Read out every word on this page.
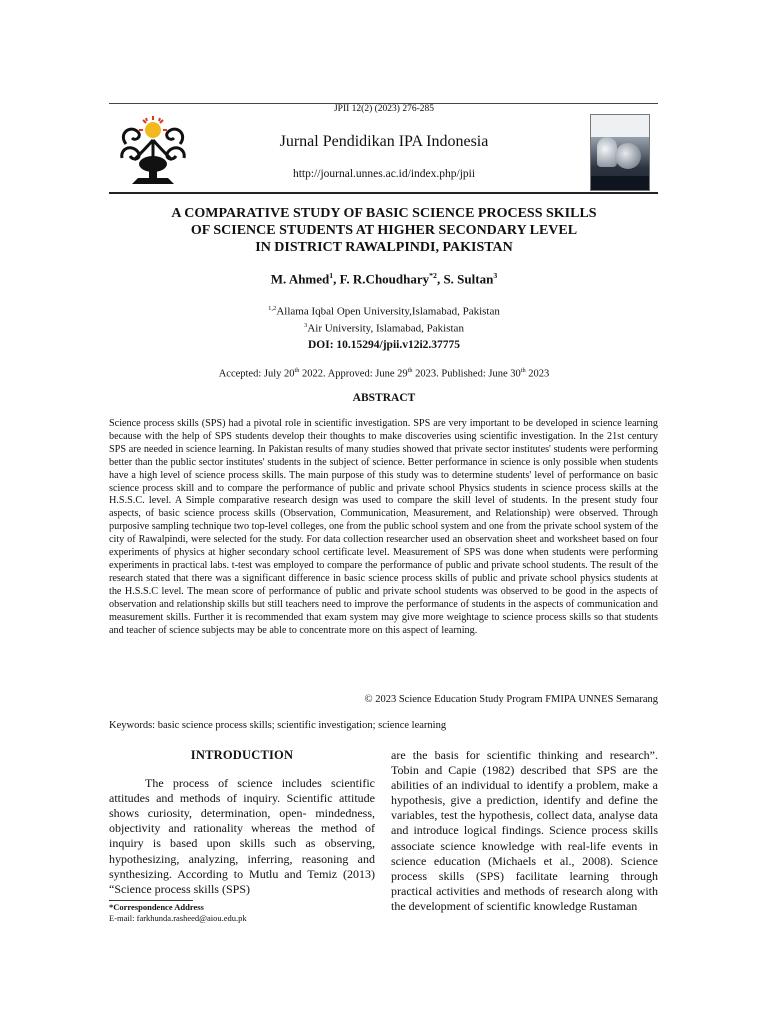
JPII 12(2) (2023) 276-285
Jurnal Pendidikan IPA Indonesia
http://journal.unnes.ac.id/index.php/jpii
A COMPARATIVE STUDY OF BASIC SCIENCE PROCESS SKILLS
OF SCIENCE STUDENTS AT HIGHER SECONDARY LEVEL
IN DISTRICT RAWALPINDI, PAKISTAN
M. Ahmed$^1$, F. R.Choudhary$^{*2}$, S. Sultan$^3$
$^{1,2}$Allama Iqbal Open University,Islamabad, Pakistan
$^3$Air University, Islamabad, Pakistan
DOI: 10.15294/jpii.v12i2.37775
Accepted: July 20th 2022. Approved: June 29th 2023. Published: June 30th 2023
ABSTRACT
Science process skills (SPS) had a pivotal role in scientific investigation. SPS are very important to be developed in science learning because with the help of SPS students develop their thoughts to make discoveries using scientific investigation. In the 21st century SPS are needed in science learning. In Pakistan results of many studies showed that private sector institutes' students were performing better than the public sector institutes' students in the subject of science. Better performance in science is only possible when students have a high level of science process skills. The main purpose of this study was to determine students' level of performance on basic science process skill and to compare the performance of public and private school Physics students in science process skills at the H.S.S.C. level. A Simple comparative research design was used to compare the skill level of students. In the present study four aspects, of basic science process skills (Observation, Communication, Measurement, and Relationship) were observed. Through purposive sampling technique two top-level colleges, one from the public school system and one from the private school system of the city of Rawalpindi, were selected for the study. For data collection researcher used an observation sheet and worksheet based on four experiments of physics at higher secondary school certificate level. Measurement of SPS was done when students were performing experiments in practical labs. t-test was employed to compare the performance of public and private school students. The result of the research stated that there was a significant difference in basic science process skills of public and private school physics students at the H.S.S.C level. The mean score of performance of public and private school students was observed to be good in the aspects of observation and relationship skills but still teachers need to improve the performance of students in the aspects of communication and measurement skills. Further it is recommended that exam system may give more weightage to science process skills so that students and teacher of science subjects may be able to concentrate more on this aspect of learning.
© 2023 Science Education Study Program FMIPA UNNES Semarang
Keywords: basic science process skills; scientific investigation; science learning
INTRODUCTION
The process of science includes scientific attitudes and methods of inquiry. Scientific attitude shows curiosity, determination, open- mindedness, objectivity and rationality whereas the method of inquiry is based upon skills such as observing, hypothesizing, analyzing, inferring, reasoning and synthesizing. According to Mutlu and Temiz (2013) “Science process skills (SPS)
are the basis for scientific thinking and research”. Tobin and Capie (1982) described that SPS are the abilities of an individual to identify a problem, make a hypothesis, give a prediction, identify and define the variables, test the hypothesis, collect data, analyse data and introduce logical findings. Science process skills associate science knowledge with real-life events in science education (Michaels et al., 2008). Science process skills (SPS) facilitate learning through practical activities and methods of research along with the development of scientific knowledge Rustaman
*Correspondence Address
E-mail: farkhunda.rasheed@aiou.edu.pk
